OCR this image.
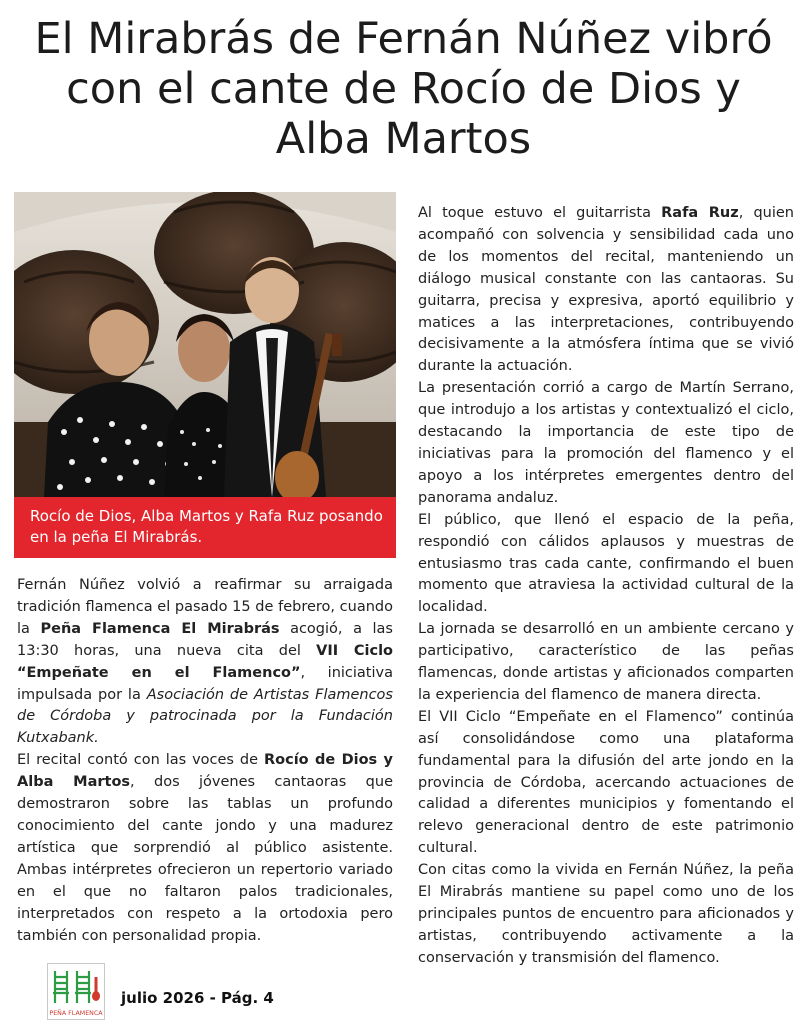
El Mirabrás de Fernán Núñez vibró
con el cante de Rocío de Dios y
Alba Martos
Rocío de Dios, Alba Martos y Rafa Ruz posando
en la peña El Mirabrás.

Fernán Núñez volvió a reafirmar su arraigada tradición flamenca el pasado 15 de febrero, cuando la Peña Flamenca El Mirabrás acogió, a las 13:30 horas, una nueva cita del VII Ciclo “Empeñate en el Flamenco”, iniciativa impulsada por la Asociación de Artistas Flamencos de Córdoba y patrocinada por la Fundación Kutxabank.

El recital contó con las voces de Rocío de Dios y Alba Martos, dos jóvenes cantaoras que demostraron sobre las tablas un profundo conocimiento del cante jondo y una madurez artística que sorprendió al público asistente. Ambas intérpretes ofrecieron un repertorio variado en el que no faltaron palos tradicionales, interpretados con respeto a la ortodoxia pero también con personalidad propia.

Al toque estuvo el guitarrista Rafa Ruz, quien acompañó con solvencia y sensibilidad cada uno de los momentos del recital, manteniendo un diálogo musical constante con las cantaoras. Su guitarra, precisa y expresiva, aportó equilibrio y matices a las interpretaciones, contribuyendo decisivamente a la atmósfera íntima que se vivió durante la actuación.

La presentación corrió a cargo de Martín Serrano, que introdujo a los artistas y contextualizó el ciclo, destacando la importancia de este tipo de iniciativas para la promoción del flamenco y el apoyo a los intérpretes emergentes dentro del panorama andaluz.

El público, que llenó el espacio de la peña, respondió con cálidos aplausos y muestras de entusiasmo tras cada cante, confirmando el buen momento que atraviesa la actividad cultural de la localidad.

La jornada se desarrolló en un ambiente cercano y participativo, característico de las peñas flamencas, donde artistas y aficionados comparten la experiencia del flamenco de manera directa.

El VII Ciclo “Empeñate en el Flamenco” continúa así consolidándose como una plataforma fundamental para la difusión del arte jondo en la provincia de Córdoba, acercando actuaciones de calidad a diferentes municipios y fomentando el relevo generacional dentro de este patrimonio cultural.

Con citas como la vivida en Fernán Núñez, la peña El Mirabrás mantiene su papel como uno de los principales puntos de encuentro para aficionados y artistas, contribuyendo activamente a la conservación y transmisión del flamenco.

PEÑA FLAMENCA
julio 2026 - Pág. 4
